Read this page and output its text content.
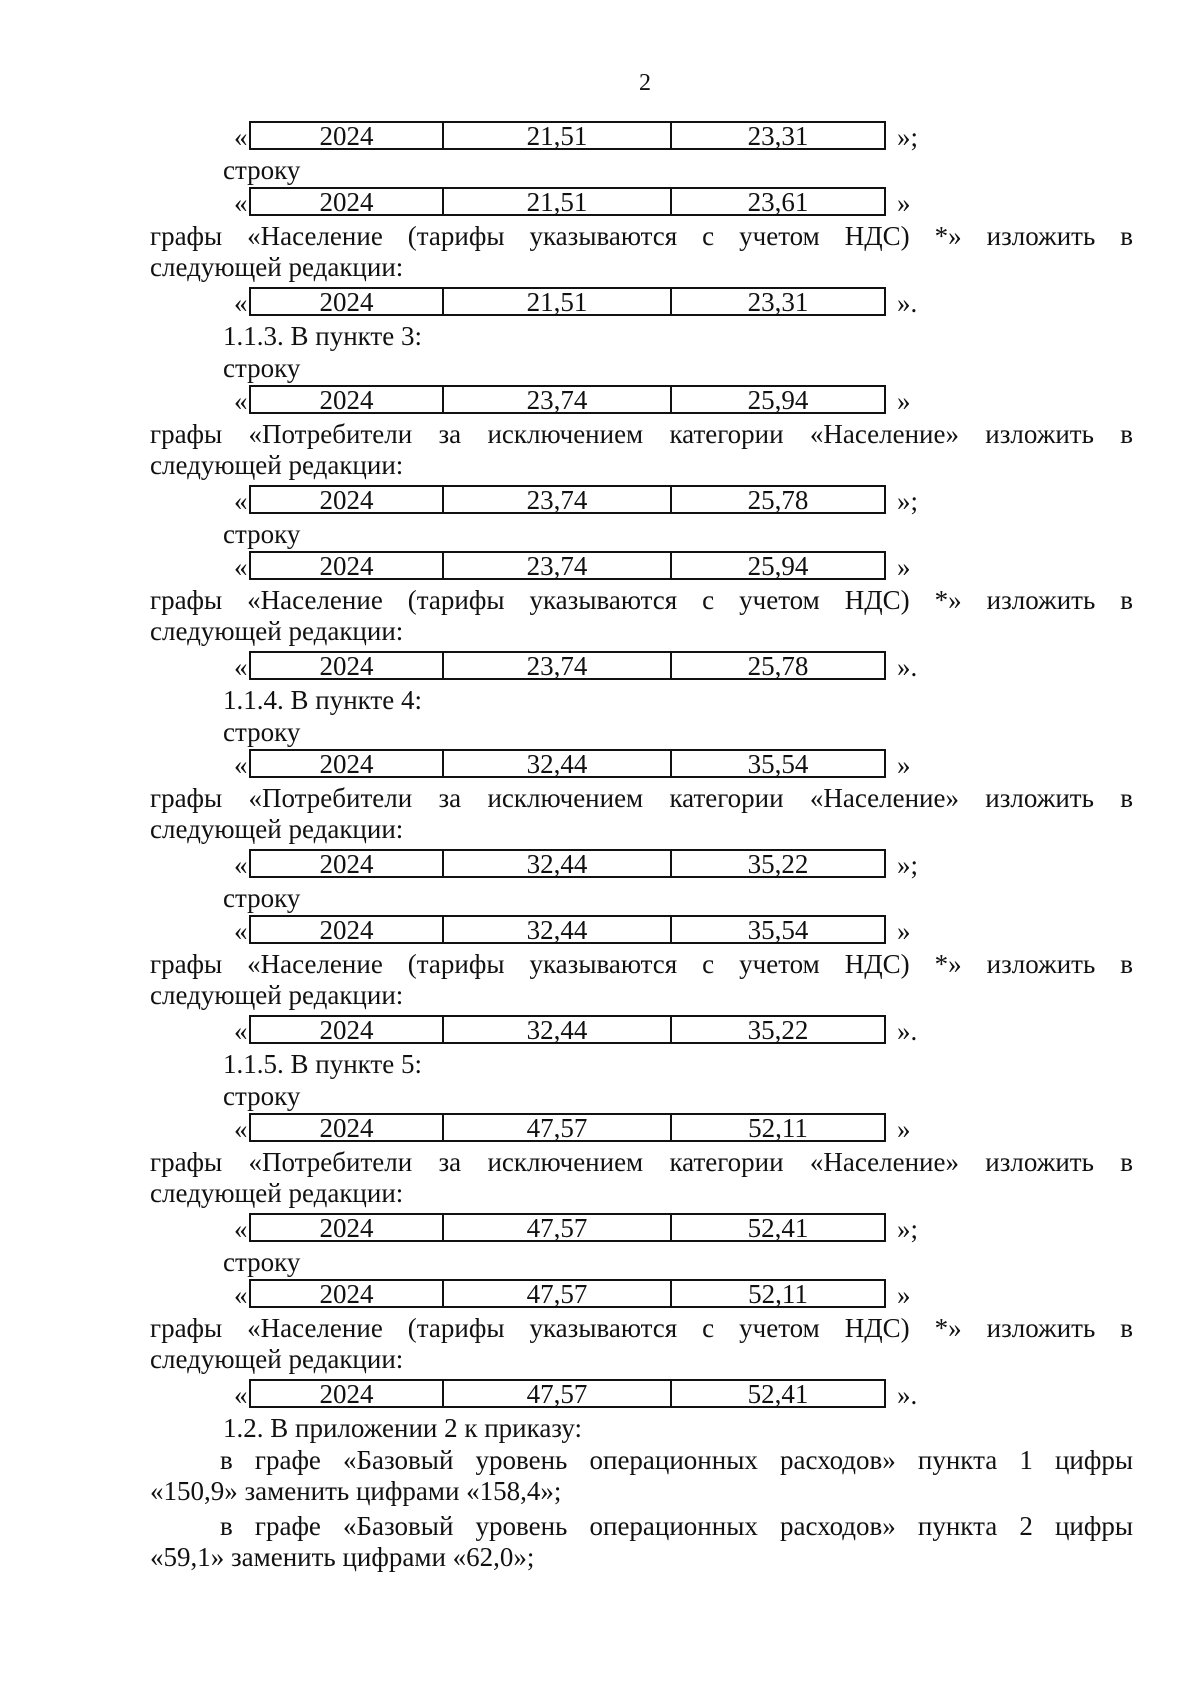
2
«	2024	21,51	23,31	»;
строку
«	2024	21,51	23,61	»
графы «Население (тарифы указываются с учетом НДС) *» изложить в
следующей редакции:
«	2024	21,51	23,31	».
1.1.3. В пункте 3:
строку
«	2024	23,74	25,94	»
графы «Потребители за исключением категории «Население» изложить в
следующей редакции:
«	2024	23,74	25,78	»;
строку
«	2024	23,74	25,94	»
графы «Население (тарифы указываются с учетом НДС) *» изложить в
следующей редакции:
«	2024	23,74	25,78	».
1.1.4. В пункте 4:
строку
«	2024	32,44	35,54	»
графы «Потребители за исключением категории «Население» изложить в
следующей редакции:
«	2024	32,44	35,22	»;
строку
«	2024	32,44	35,54	»
графы «Население (тарифы указываются с учетом НДС) *» изложить в
следующей редакции:
«	2024	32,44	35,22	».
1.1.5. В пункте 5:
строку
«	2024	47,57	52,11	»
графы «Потребители за исключением категории «Население» изложить в
следующей редакции:
«	2024	47,57	52,41	»;
строку
«	2024	47,57	52,11	»
графы «Население (тарифы указываются с учетом НДС) *» изложить в
следующей редакции:
«	2024	47,57	52,41	».
1.2. В приложении 2 к приказу:
в графе «Базовый уровень операционных расходов» пункта 1 цифры
«150,9» заменить цифрами «158,4»;
в графе «Базовый уровень операционных расходов» пункта 2 цифры
«59,1» заменить цифрами «62,0»;
